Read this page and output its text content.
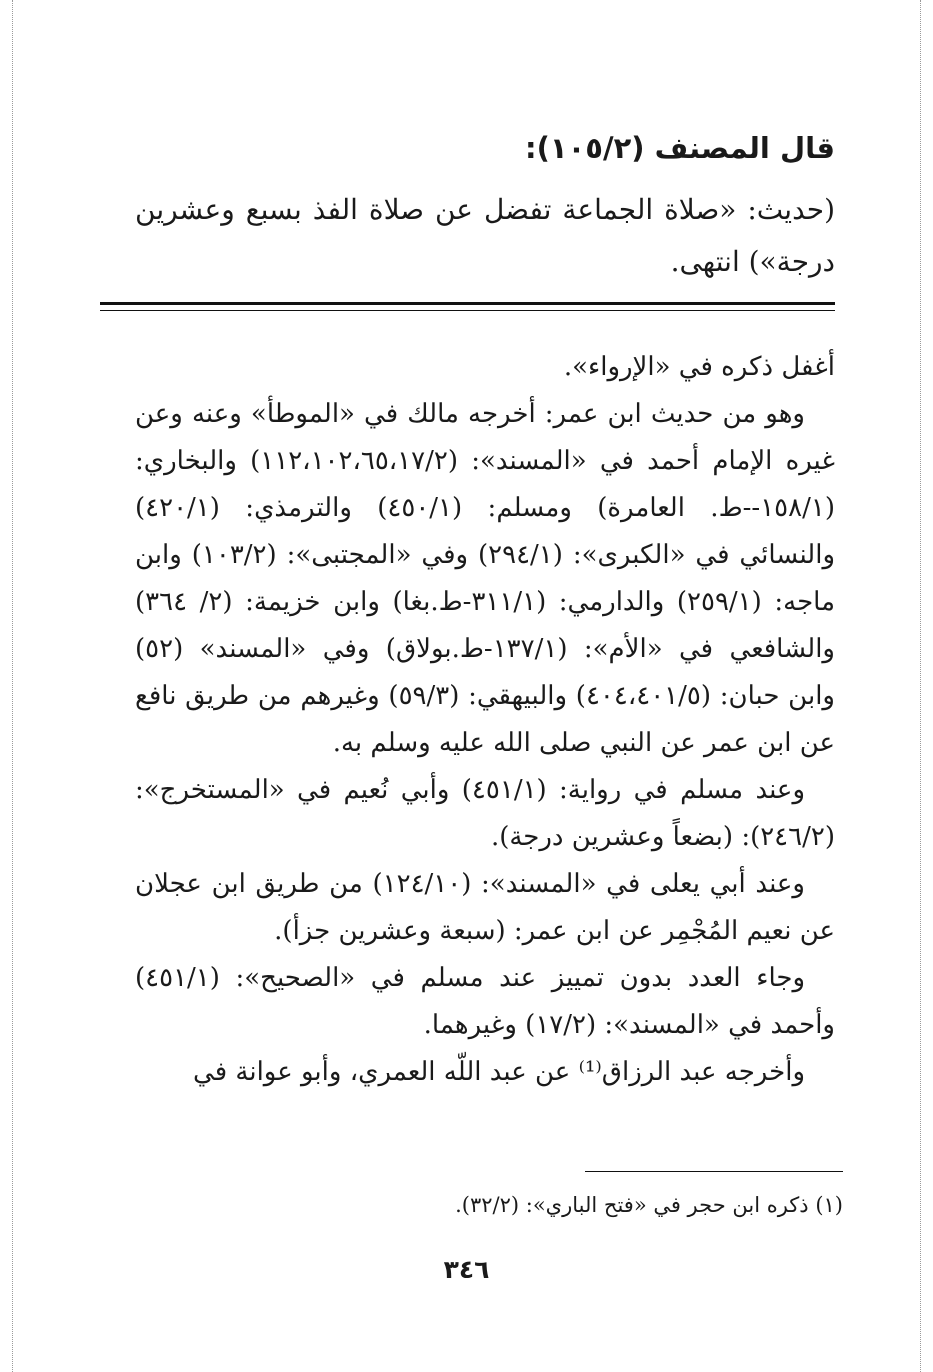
قال المصنف (١٠٥/٢):

(حديث: «صلاة الجماعة تفضل عن صلاة الفذ بسبع وعشرين درجة») انتهى.

أغفل ذكره في «الإرواء».

وهو من حديث ابن عمر: أخرجه مالك في «الموطأ» وعنه وعن غيره الإمام أحمد في «المسند»: (١١٢،١٠٢،٦٥،١٧/٢) والبخاري: (١٥٨/١--ط. العامرة) ومسلم: (٤٥٠/١) والترمذي: (٤٢٠/١) والنسائي في «الكبرى»: (٢٩٤/١) وفي «المجتبى»: (١٠٣/٢) وابن ماجه: (٢٥٩/١) والدارمي: (٣١١/١-ط.بغا) وابن خزيمة: (٢/ ٣٦٤) والشافعي في «الأم»: (١٣٧/١-ط.بولاق) وفي «المسند» (٥٢) وابن حبان: (٤٠٤،٤٠١/٥) والبيهقي: (٥٩/٣) وغيرهم من طريق نافع عن ابن عمر عن النبي صلى الله عليه وسلم به.

وعند مسلم في رواية: (٤٥١/١) وأبي نُعيم في «المستخرج»: (٢٤٦/٢): (بضعاً وعشرين درجة).

وعند أبي يعلى في «المسند»: (١٢٤/١٠) من طريق ابن عجلان عن نعيم المُجْمِر عن ابن عمر: (سبعة وعشرين جزأ).

وجاء العدد بدون تمييز عند مسلم في «الصحيح»: (٤٥١/١) وأحمد في «المسند»: (١٧/٢) وغيرهما.

وأخرجه عبد الرزاق⁽¹⁾ عن عبد اللّه العمري، وأبو عوانة في

(١) ذكره ابن حجر في «فتح الباري»: (٣٢/٢).

٣٤٦
